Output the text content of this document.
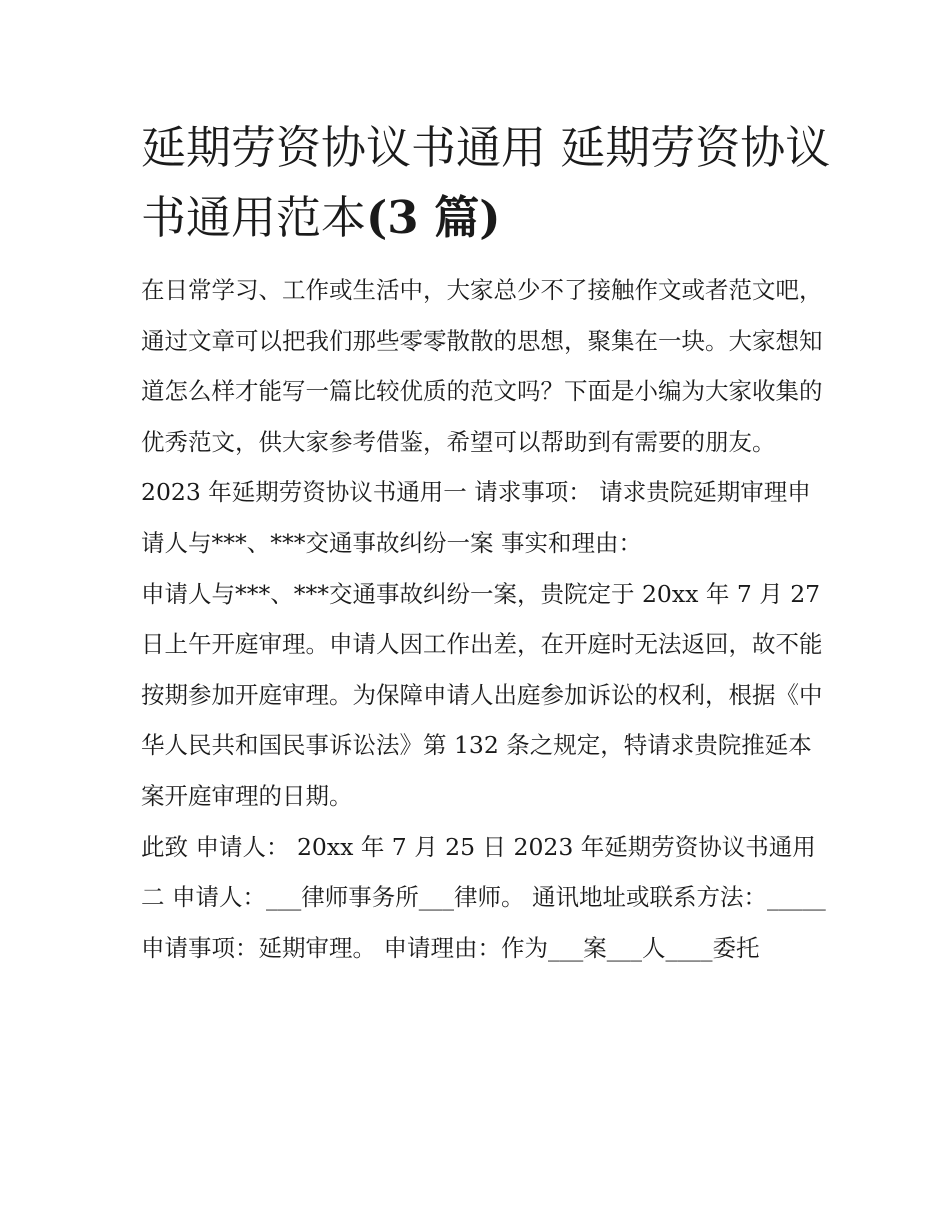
延期劳资协议书通用 延期劳资协议书通用范本(3 篇)

在日常学习、工作或生活中，大家总少不了接触作文或者范文吧，通过文章可以把我们那些零零散散的思想，聚集在一块。大家想知道怎么样才能写一篇比较优质的范文吗？下面是小编为大家收集的优秀范文，供大家参考借鉴，希望可以帮助到有需要的朋友。

2023 年延期劳资协议书通用一 请求事项： 请求贵院延期审理申请人与***、***交通事故纠纷一案 事实和理由：

申请人与***、***交通事故纠纷一案，贵院定于 20xx 年 7 月 27 日上午开庭审理。申请人因工作出差，在开庭时无法返回，故不能按期参加开庭审理。为保障申请人出庭参加诉讼的权利，根据《中华人民共和国民事诉讼法》第 132 条之规定，特请求贵院推延本案开庭审理的日期。

此致 申请人： 20xx 年 7 月 25 日 2023 年延期劳资协议书通用二 申请人：___律师事务所___律师。 通讯地址或联系方法：_____

申请事项：延期审理。 申请理由：作为___案___人____委托
